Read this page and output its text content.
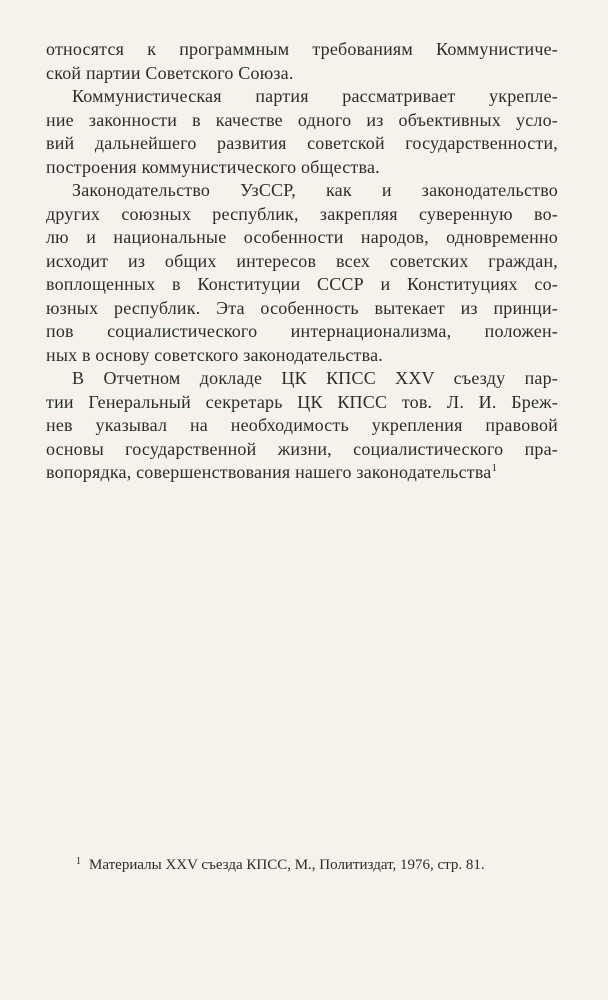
относятся к программным требованиям Коммунистиче-
ской партии Советского Союза.
Коммунистическая партия рассматривает укрепле-
ние законности в качестве одного из объективных усло-
вий дальнейшего развития советской государственности,
построения коммунистического общества.
Законодательство УзССР, как и законодательство
других союзных республик, закрепляя суверенную во-
лю и национальные особенности народов, одновременно
исходит из общих интересов всех советских граждан,
воплощенных в Конституции СССР и Конституциях со-
юзных республик. Эта особенность вытекает из принци-
пов социалистического интернационализма, положен-
ных в основу советского законодательства.
В Отчетном докладе ЦК КПСС XXV съезду пар-
тии Генеральный секретарь ЦК КПСС тов. Л. И. Бреж-
нев указывал на необходимость укрепления правовой
основы государственной жизни, социалистического пра-
вопорядка, совершенствования нашего законодательства$^1$
$^1$ Материалы XXV съезда КПСС, М., Политиздат, 1976, стр. 81.
